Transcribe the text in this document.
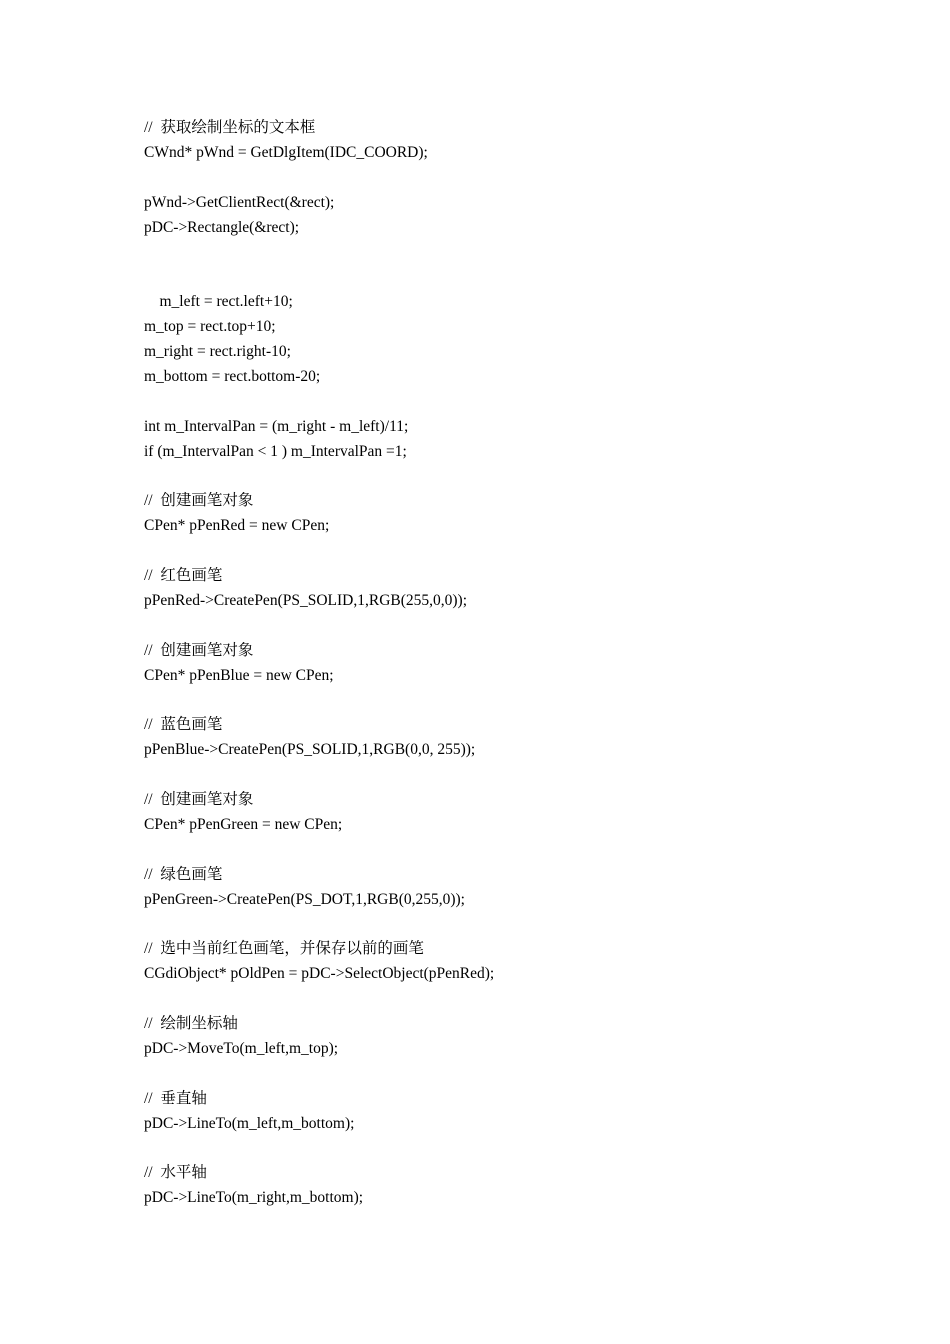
//  获取绘制坐标的文本框
CWnd* pWnd = GetDlgItem(IDC_COORD);
pWnd->GetClientRect(&rect);
pDC->Rectangle(&rect);
m_left = rect.left+10;
m_top = rect.top+10;
m_right = rect.right-10;
m_bottom = rect.bottom-20;
int m_IntervalPan = (m_right - m_left)/11;
if (m_IntervalPan < 1 ) m_IntervalPan =1;
//  创建画笔对象
CPen* pPenRed = new CPen;
//  红色画笔
pPenRed->CreatePen(PS_SOLID,1,RGB(255,0,0));
//  创建画笔对象
CPen* pPenBlue = new CPen;
//  蓝色画笔
pPenBlue->CreatePen(PS_SOLID,1,RGB(0,0, 255));
//  创建画笔对象
CPen* pPenGreen = new CPen;
//  绿色画笔
pPenGreen->CreatePen(PS_DOT,1,RGB(0,255,0));
//  选中当前红色画笔，并保存以前的画笔
CGdiObject* pOldPen = pDC->SelectObject(pPenRed);
//  绘制坐标轴
pDC->MoveTo(m_left,m_top);
//  垂直轴
pDC->LineTo(m_left,m_bottom);
//  水平轴
pDC->LineTo(m_right,m_bottom);
